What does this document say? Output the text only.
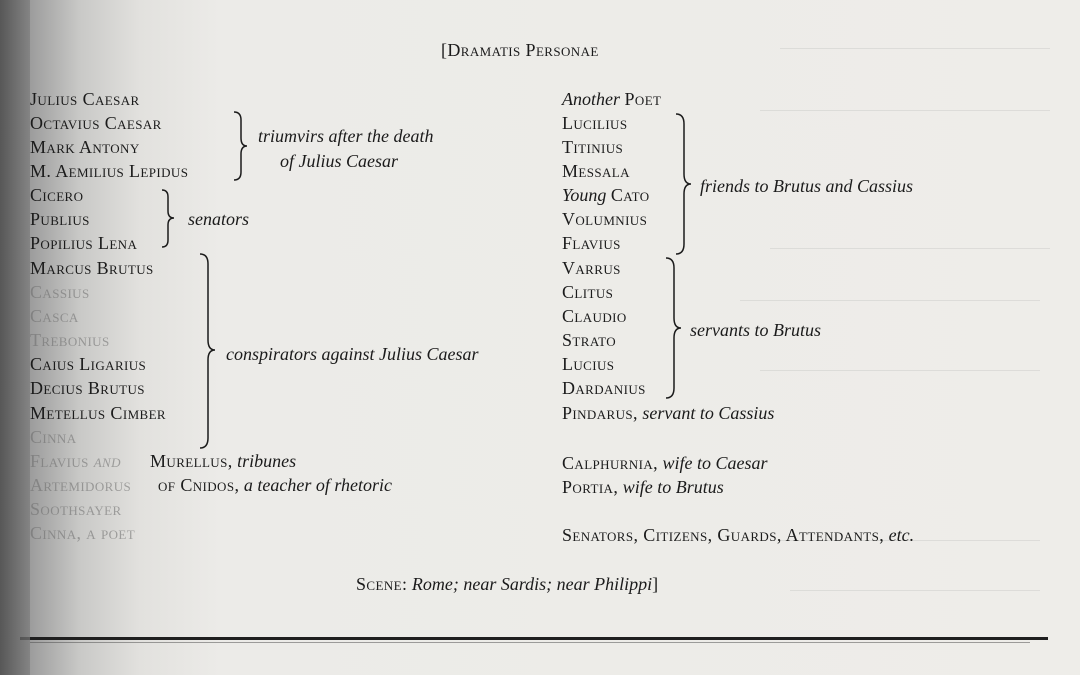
[Dramatis Personae
Julius Caesar
Octavius Caesar
Mark Antony
M. Aemilius Lepidus
triumvirs after the death
of Julius Caesar
Cicero
Publius
Popilius Lena
senators
Marcus Brutus
Cassius
Casca
Trebonius
Caius Ligarius
Decius Brutus
Metellus Cimber
Cinna
conspirators against Julius Caesar
Flavius and Murellus, tribunes
Artemidorus of Cnidos, a teacher of rhetoric
Soothsayer
Cinna, a poet
Another Poet
Lucilius
Titinius
Messala
Young Cato
Volumnius
Flavius
friends to Brutus and Cassius
Varrus
Clitus
Claudio
Strato
Lucius
Dardanius
servants to Brutus
Pindarus, servant to Cassius
Calphurnia, wife to Caesar
Portia, wife to Brutus
Senators, Citizens, Guards, Attendants, etc.
Scene: Rome; near Sardis; near Philippi]
